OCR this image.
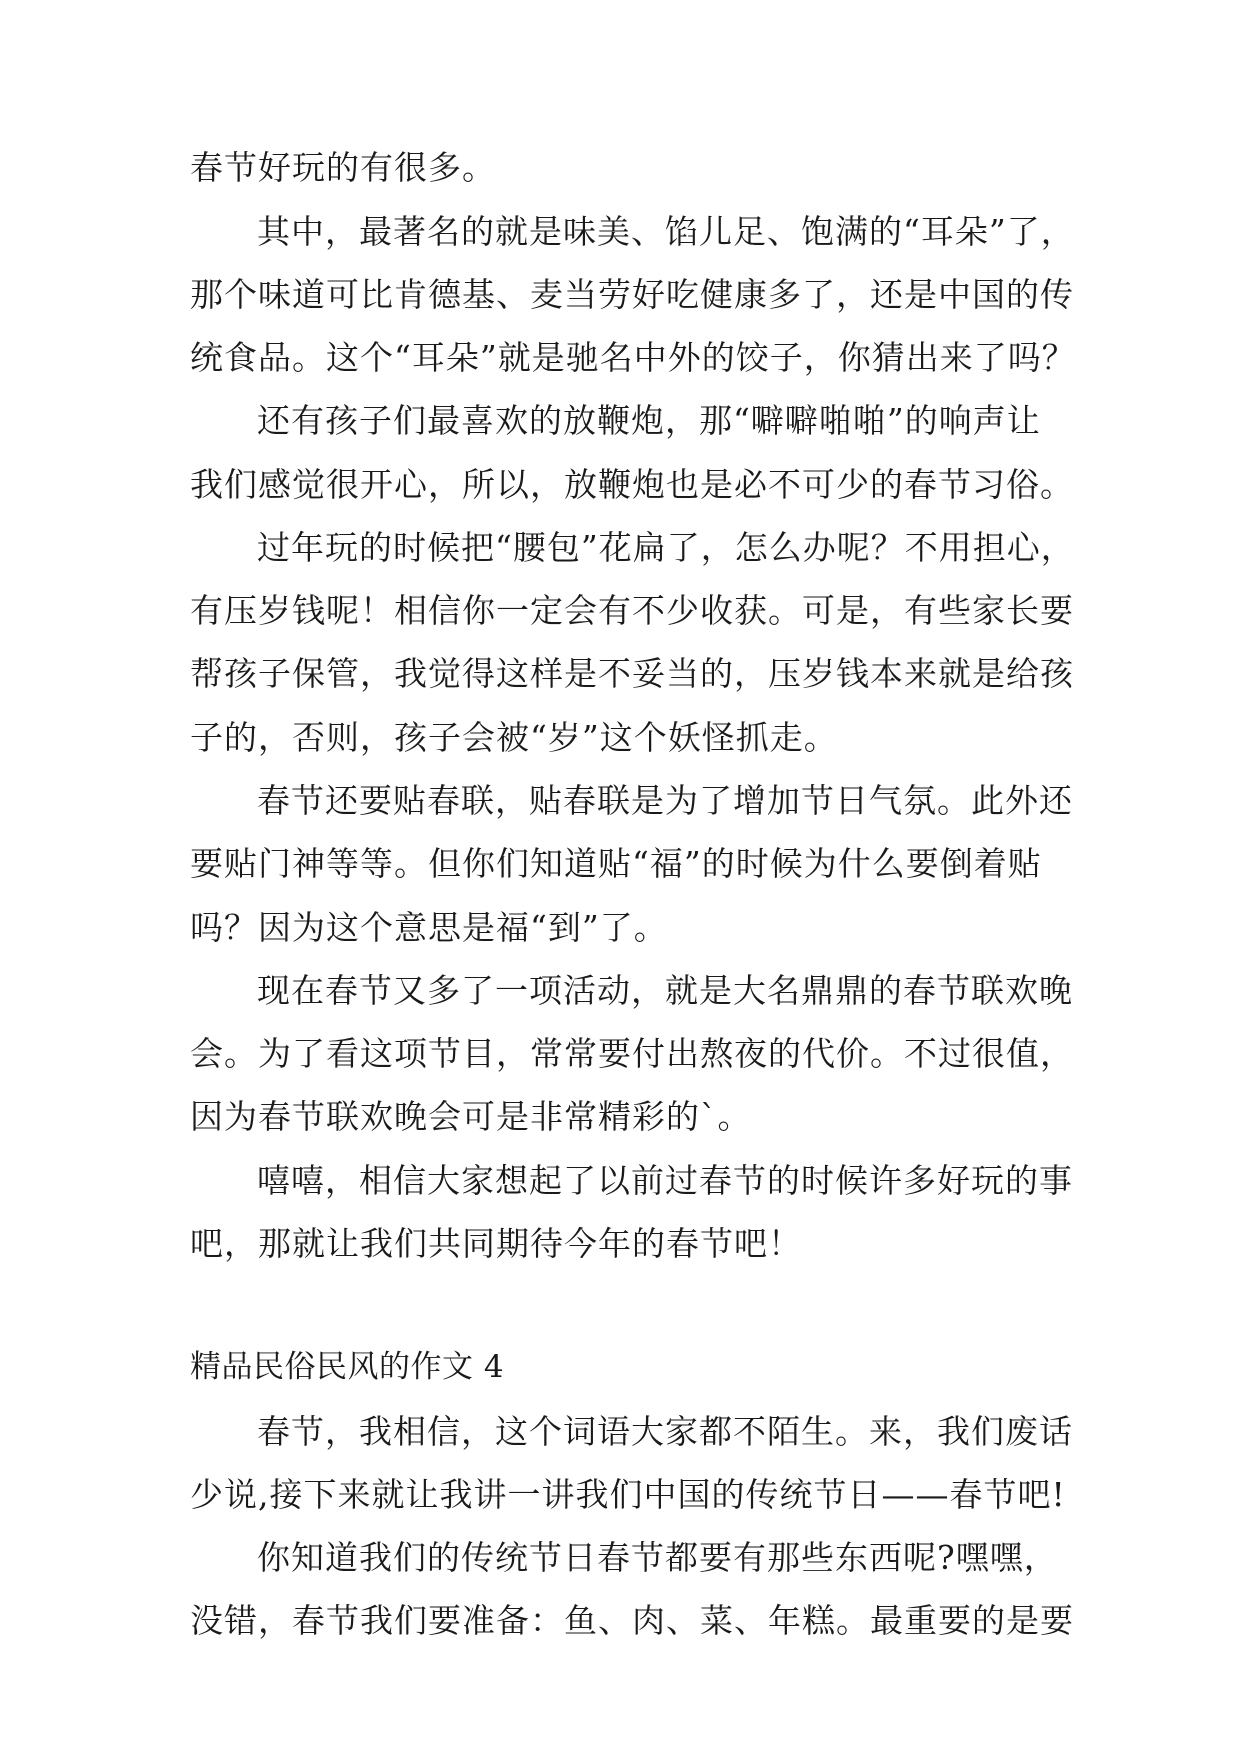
春节好玩的有很多。
其中，最著名的就是味美、馅儿足、饱满的“耳朵”了，
那个味道可比肯德基、麦当劳好吃健康多了，还是中国的传
统食品。这个“耳朵”就是驰名中外的饺子，你猜出来了吗？
还有孩子们最喜欢的放鞭炮，那“噼噼啪啪”的响声让
我们感觉很开心，所以，放鞭炮也是必不可少的春节习俗。
过年玩的时候把“腰包”花扁了，怎么办呢？不用担心，
有压岁钱呢！相信你一定会有不少收获。可是，有些家长要
帮孩子保管，我觉得这样是不妥当的，压岁钱本来就是给孩
子的，否则，孩子会被“岁”这个妖怪抓走。
春节还要贴春联，贴春联是为了增加节日气氛。此外还
要贴门神等等。但你们知道贴“福”的时候为什么要倒着贴
吗？因为这个意思是福“到”了。
现在春节又多了一项活动，就是大名鼎鼎的春节联欢晚
会。为了看这项节目，常常要付出熬夜的代价。不过很值，
因为春节联欢晚会可是非常精彩的`。
嘻嘻，相信大家想起了以前过春节的时候许多好玩的事
吧，那就让我们共同期待今年的春节吧！
精品民俗民风的作文 4
春节，我相信，这个词语大家都不陌生。来，我们废话
少说,接下来就让我讲一讲我们中国的传统节日——春节吧!
你知道我们的传统节日春节都要有那些东西呢?嘿嘿，
没错，春节我们要准备：鱼、肉、菜、年糕。最重要的是要
